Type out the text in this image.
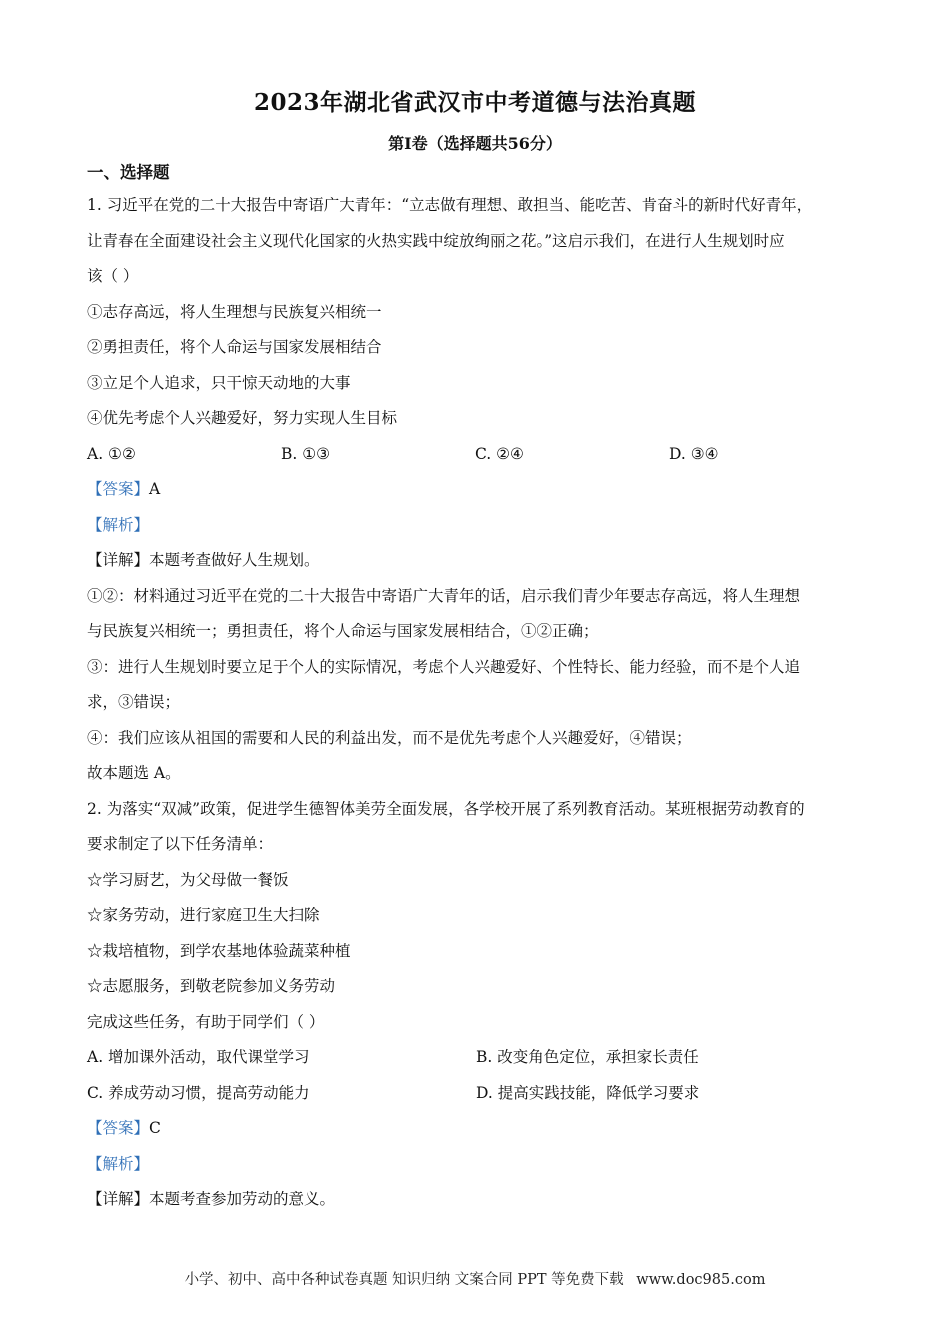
2023年湖北省武汉市中考道德与法治真题
第I卷（选择题共56分）
一、选择题
1. 习近平在党的二十大报告中寄语广大青年：“立志做有理想、敢担当、能吃苦、肯奋斗的新时代好青年，
让青春在全面建设社会主义现代化国家的火热实践中绽放绚丽之花。”这启示我们，在进行人生规划时应
该（ ）
①志存高远，将人生理想与民族复兴相统一
②勇担责任，将个人命运与国家发展相结合
③立足个人追求，只干惊天动地的大事
④优先考虑个人兴趣爱好，努力实现人生目标
A. ①②	B. ①③	C. ②④	D. ③④
【答案】A
【解析】
【详解】本题考查做好人生规划。
①②：材料通过习近平在党的二十大报告中寄语广大青年的话，启示我们青少年要志存高远，将人生理想
与民族复兴相统一；勇担责任，将个人命运与国家发展相结合，①②正确；
③：进行人生规划时要立足于个人的实际情况，考虑个人兴趣爱好、个性特长、能力经验，而不是个人追
求，③错误；
④：我们应该从祖国的需要和人民的利益出发，而不是优先考虑个人兴趣爱好，④错误；
故本题选 A。
2. 为落实“双减”政策，促进学生德智体美劳全面发展，各学校开展了系列教育活动。某班根据劳动教育的
要求制定了以下任务清单：
☆学习厨艺，为父母做一餐饭
☆家务劳动，进行家庭卫生大扫除
☆栽培植物，到学农基地体验蔬菜种植
☆志愿服务，到敬老院参加义务劳动
完成这些任务，有助于同学们（ ）
A. 增加课外活动，取代课堂学习	B. 改变角色定位，承担家长责任
C. 养成劳动习惯，提高劳动能力	D. 提高实践技能，降低学习要求
【答案】C
【解析】
【详解】本题考查参加劳动的意义。
小学、初中、高中各种试卷真题 知识归纳 文案合同 PPT 等免费下载 www.doc985.com
